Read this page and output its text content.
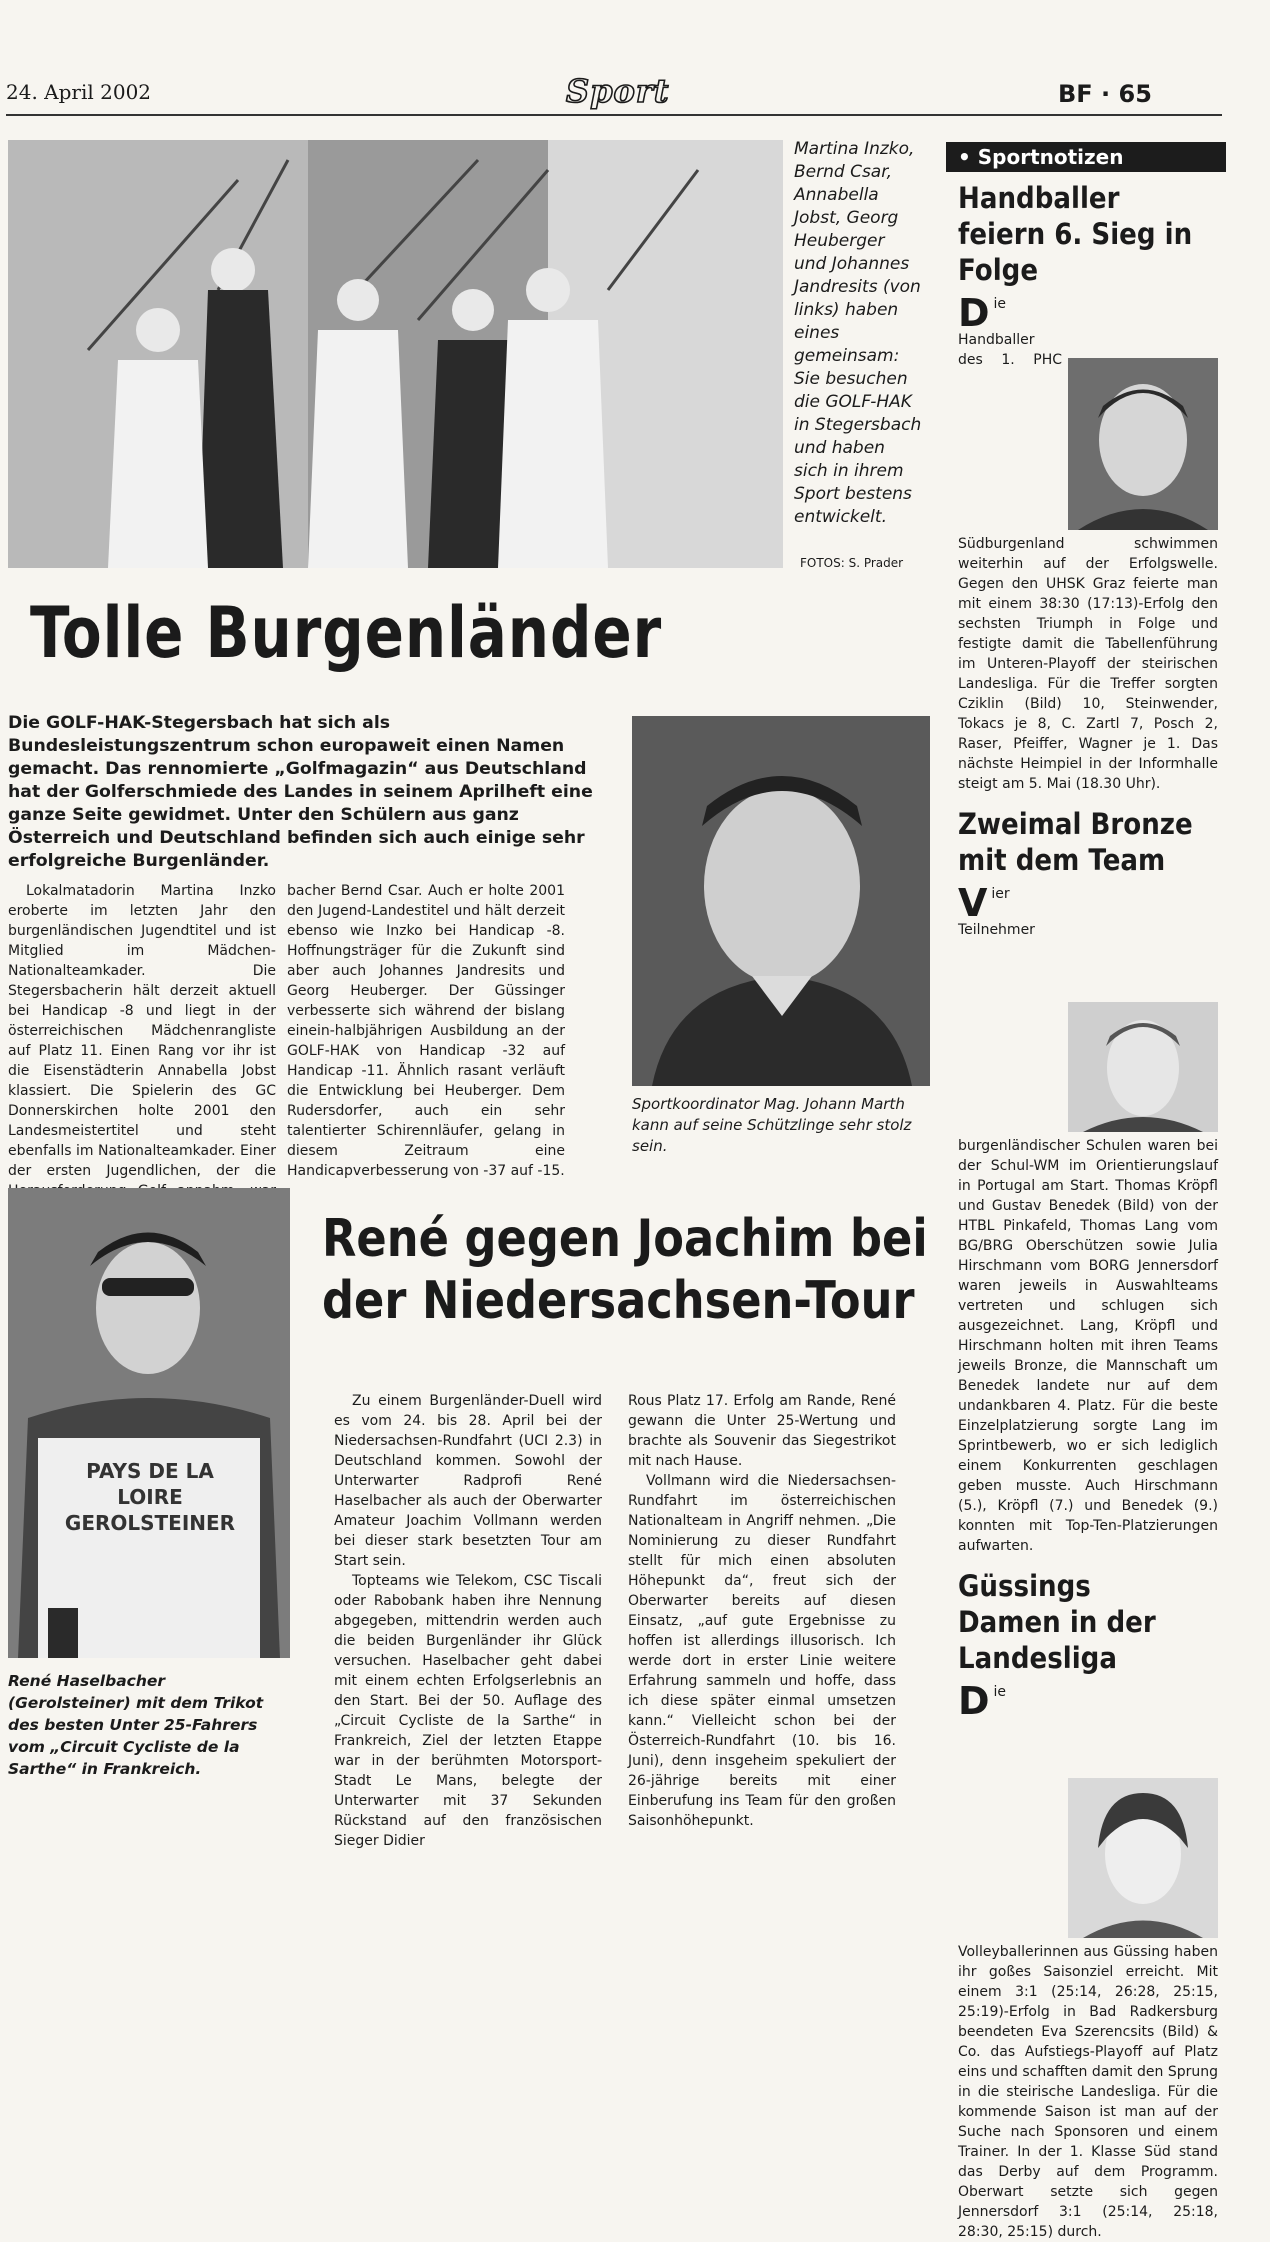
24. April 2002	Sport	BF · 65
Martina Inzko, Bernd Csar, Annabella Jobst, Georg Heuberger und Johannes Jandresits (von links) haben eines gemeinsam: Sie besuchen die GOLF-HAK in Stegersbach und haben sich in ihrem Sport bestens entwickelt.
FOTOS: S. Prader
Tolle Burgenländer
Die GOLF-HAK-Stegersbach hat sich als Bundesleistungszentrum schon europaweit einen Namen gemacht. Das rennomierte „Golfmagazin“ aus Deutschland hat der Golferschmiede des Landes in seinem Aprilheft eine ganze Seite gewidmet. Unter den Schülern aus ganz Österreich und Deutschland befinden sich auch einige sehr erfolgreiche Burgenländer.

Lokalmatadorin Martina Inzko eroberte im letzten Jahr den burgenländischen Jugendtitel und ist Mitglied im Mädchen-Nationalteamkader. Die Stegersbacherin hält derzeit aktuell bei Handicap -8 und liegt in der österreichischen Mädchenrangliste auf Platz 11. Einen Rang vor ihr ist die Eisenstädterin Annabella Jobst klassiert. Die Spielerin des GC Donnerskirchen holte 2001 den Landesmeistertitel und steht ebenfalls im Nationalteamkader. Einer der ersten Jugendlichen, der die

bacher Bernd Csar. Auch er holte 2001 den Jugend-Landestitel und hält derzeit ebenso wie Inzko bei Handicap -8. Hoffnungsträger für die Zukunft sind aber auch Johannes Jandresits und Georg Heuberger. Der Güssinger verbesserte sich während der bislang einein-halbjährigen Ausbildung an der GOLF-HAK von Handicap -32 auf Handicap -11. Ähnlich rasant verläuft die Entwicklung bei Heuberger. Dem Rudersdorfer, auch ein sehr talentierter Schirennläufer, gelang in diesem Zeitraum eine Handicapverbesserung von -37 auf -15.

Sportkoordinator Mag. Johann Marth kann auf seine Schützlinge sehr stolz sein.
PAYS DE LA LOIRE GEROLSTEINER
René Haselbacher (Gerolsteiner) mit dem Trikot des besten Unter 25-Fahrers vom „Circuit Cycliste de la Sarthe“ in Frankreich.
René gegen Joachim bei
der Niedersachsen-Tour

Zu einem Burgenländer-Duell wird es vom 24. bis 28. April bei der Niedersachsen-Rundfahrt (UCI 2.3) in Deutschland kommen. Sowohl der Unterwarter Radprofi René Haselbacher als auch der Oberwarter Amateur Joachim Vollmann werden bei dieser stark besetzten Tour am Start sein.

Topteams wie Telekom, CSC Tiscali oder Rabobank haben ihre Nennung abgegeben, mittendrin werden auch die beiden Burgenländer ihr Glück versuchen. Haselbacher geht dabei mit einem echten Erfolgserlebnis an den Start. Bei der 50. Auflage des „Circuit Cycliste de la Sarthe“ in Frankreich, Ziel der letzten Etappe war in der berühmten Motorsport-Stadt Le Mans, belegte der Unterwarter mit 37 Sekunden Rückstand auf den französischen Sieger Didier

Rous Platz 17. Erfolg am Rande, René gewann die Unter 25-Wertung und brachte als Souvenir das Siegestrikot mit nach Hause.

Vollmann wird die Niedersachsen-Rundfahrt im österreichischen Nationalteam in Angriff nehmen. „Die Nominierung zu dieser Rundfahrt stellt für mich einen absoluten Höhepunkt da“, freut sich der Oberwarter bereits auf diesen Einsatz, „auf gute Ergebnisse zu hoffen ist allerdings illusorisch. Ich werde dort in erster Linie weitere Erfahrung sammeln und hoffe, dass ich diese später einmal umsetzen kann.“ Vielleicht schon bei der Österreich-Rundfahrt (10. bis 16. Juni), denn insgeheim spekuliert der 26-jährige bereits mit einer Einberufung ins Team für den großen Saisonhöhepunkt.

• Sportnotizen
Handballer feiern 6. Sieg in Folge
D ie Handballer des 1. PHC Südburgenland schwimmen weiterhin auf der Erfolgswelle. Gegen den UHSK Graz feierte man mit einem 38:30 (17:13)-Erfolg den sechsten Triumph in Folge und festigte damit die Tabellenführung im Unteren-Playoff der steirischen Landesliga. Für die Treffer sorgten Cziklin (Bild) 10, Steinwender, Tokacs je 8, C. Zartl 7, Posch 2, Raser, Pfeiffer, Wagner je 1. Das nächste Heimpiel in der Informhalle steigt am 5. Mai (18.30 Uhr).
Zweimal Bronze mit dem Team
V ier Teilnehmer burgenländischer Schulen waren bei der Schul-WM im Orientierungslauf in Portugal am Start. Thomas Kröpfl und Gustav Benedek (Bild) von der HTBL Pinkafeld, Thomas Lang vom BG/BRG Oberschützen sowie Julia Hirschmann vom BORG Jennersdorf waren jeweils in Auswahlteams vertreten und schlugen sich ausgezeichnet. Lang, Kröpfl und Hirschmann holten mit ihren Teams jeweils Bronze, die Mannschaft um Benedek landete nur auf dem undankbaren 4. Platz. Für die beste Einzelplatzierung sorgte Lang im Sprintbewerb, wo er sich lediglich einem Konkurrenten geschlagen geben musste. Auch Hirschmann (5.), Kröpfl (7.) und Benedek (9.) konnten mit Top-Ten-Platzierungen aufwarten.
Güssings Damen in der Landesliga
D ie Volleyballerinnen aus Güssing haben ihr goßes Saisonziel erreicht. Mit einem 3:1 (25:14, 26:28, 25:15, 25:19)-Erfolg in Bad Radkersburg beendeten Eva Szerencsits (Bild) & Co. das Aufstiegs-Playoff auf Platz eins und schafften damit den Sprung in die steirische Landesliga. Für die kommende Saison ist man auf der Suche nach Sponsoren und einem Trainer. In der 1. Klasse Süd stand das Derby auf dem Programm. Oberwart setzte sich gegen Jennersdorf 3:1 (25:14, 25:18, 28:30, 25:15) durch.
